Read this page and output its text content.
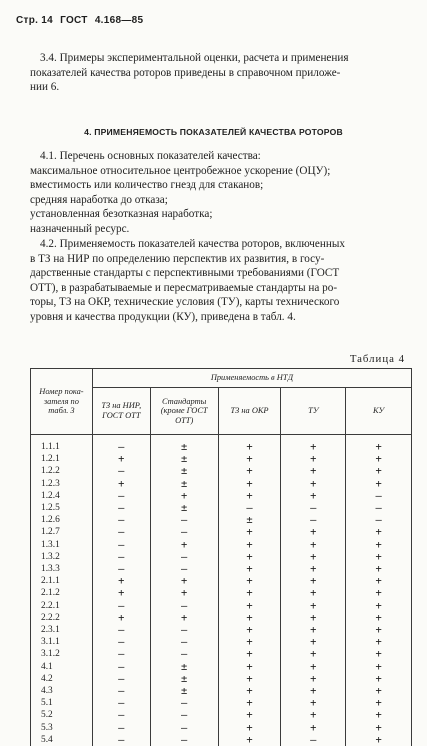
Стр. 14 ГОСТ 4.168—85
3.4. Примеры экспериментальной оценки, расчета и применения
показателей качества роторов приведены в справочном приложе-
нии 6.
4. ПРИМЕНЯЕМОСТЬ ПОКАЗАТЕЛЕЙ КАЧЕСТВА РОТОРОВ
4.1. Перечень основных показателей качества:
максимальное относительное центробежное ускорение (ОЦУ);
вместимость или количество гнезд для стаканов;
средняя наработка до отказа;
установленная безотказная наработка;
назначенный ресурс.
4.2. Применяемость показателей качества роторов, включенных
в ТЗ на НИР по определению перспектив их развития, в госу-
дарственные стандарты с перспективными требованиями (ГОСТ
ОТТ), в разрабатываемые и пересматриваемые стандарты на ро-
торы, ТЗ на ОКР, технические условия (ТУ), карты технического
уровня и качества продукции (КУ), приведена в табл. 4.
Таблица 4
Номер пока-
зателя по
табл. 3	Применяемость в НТД				
	ТЗ на НИР,
ГОСТ ОТТ	Стандарты
(кроме ГОСТ
ОТТ)	ТЗ на ОКР	ТУ	КУ
1.1.1	—	±	+	+	+
1.2.1	+	±	+	+	+
1.2.2	—	±	+	+	+
1.2.3	+	±	+	+	+
1.2.4	—	+	+	+	—
1.2.5	—	±	—	—	—
1.2.6	—	—	±	—	—
1.2.7	—	—	+	+	+
1.3.1	—	+	+	+	+
1.3.2	—	—	+	+	+
1.3.3	—	—	+	+	+
2.1.1	+	+	+	+	+
2.1.2	+	+	+	+	+
2.2.1	—	—	+	+	+
2.2.2	+	+	+	+	+
2.3.1	—	—	+	+	+
3.1.1	—	—	+	+	+
3.1.2	—	—	+	+	+
4.1	—	±	+	+	+
4.2	—	±	+	+	+
4.3	—	±	+	+	+
5.1	—	—	+	+	+
5.2	—	—	+	+	+
5.3	—	—	+	+	+
5.4	—	—	+	—	+
